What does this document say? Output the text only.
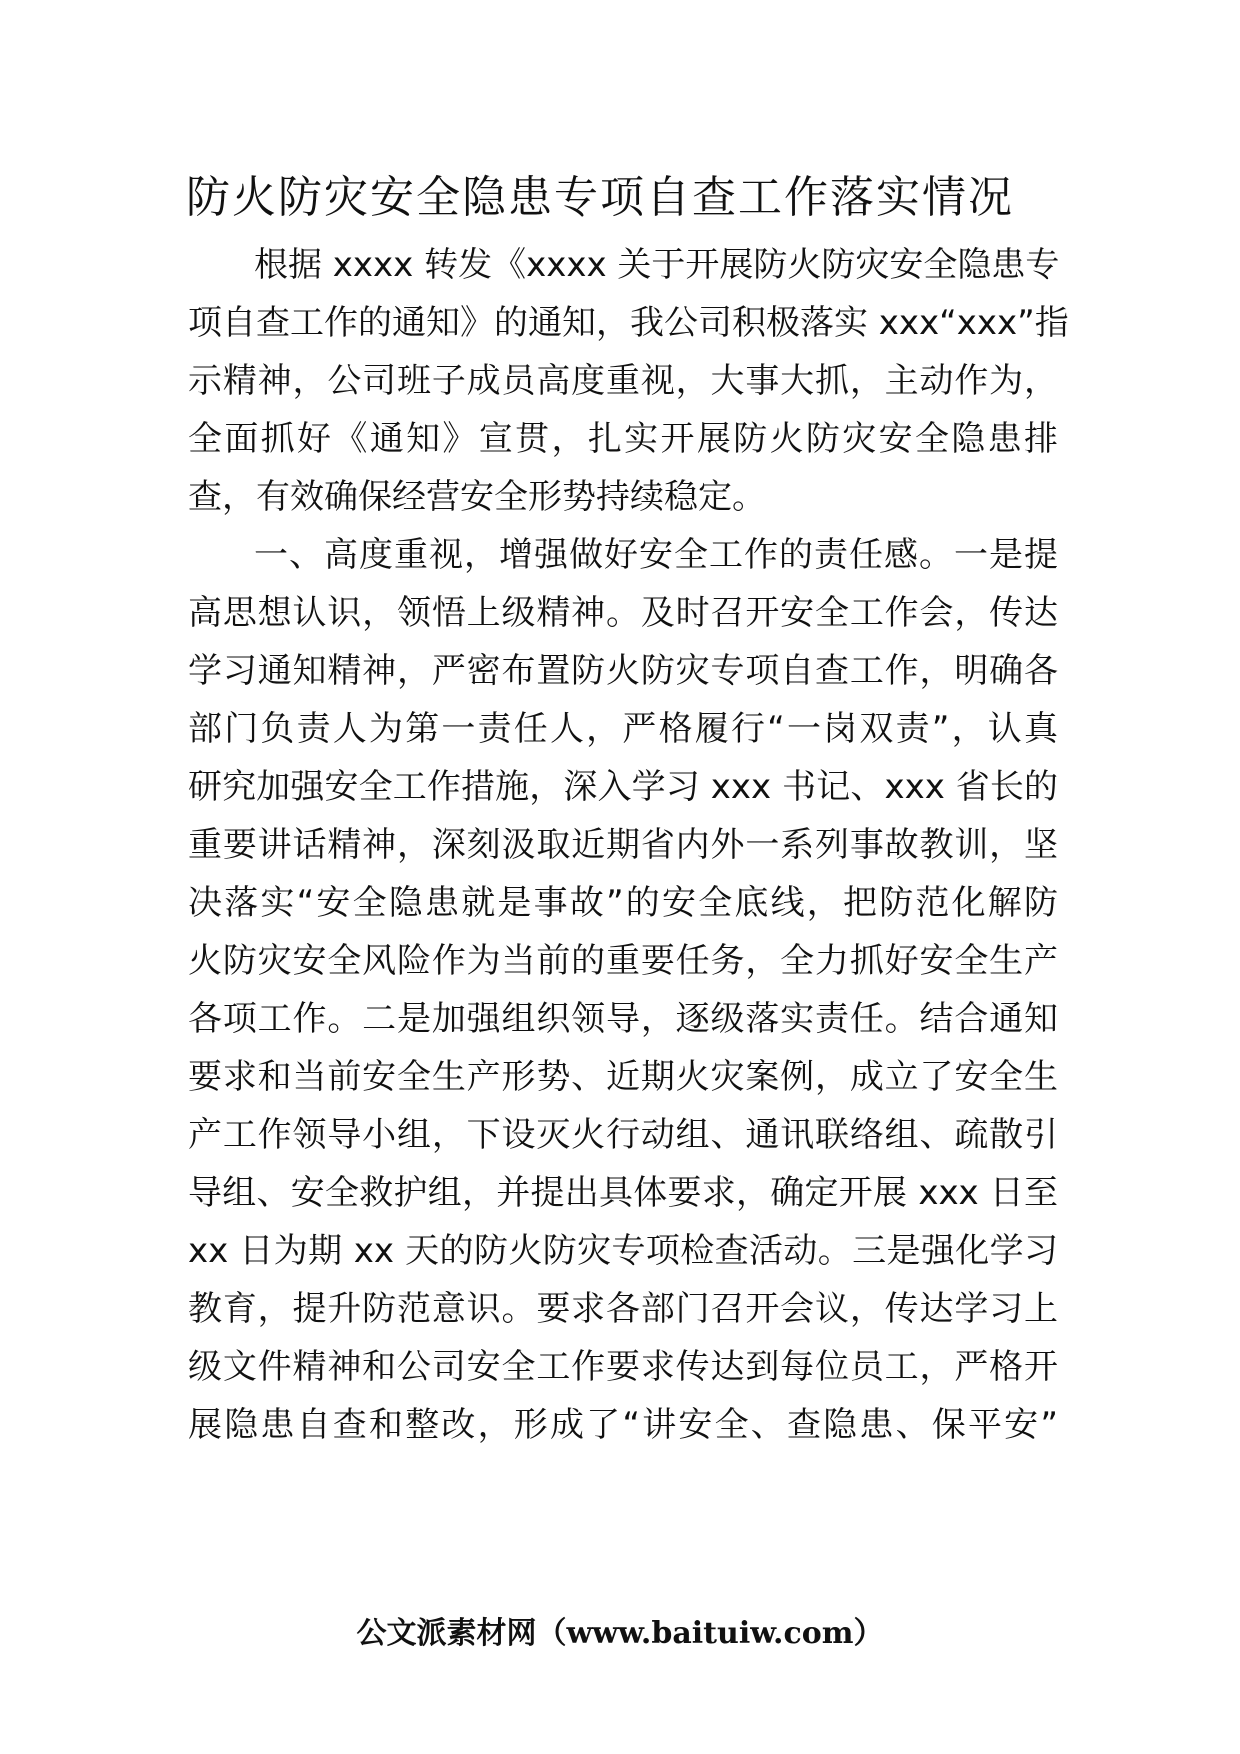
防火防灾安全隐患专项自查工作落实情况
根据 xxxx 转发《xxxx 关于开展防火防灾安全隐患专
项自查工作的通知》的通知，我公司积极落实 xxx“xxx”指
示精神，公司班子成员高度重视，大事大抓，主动作为，
全面抓好《通知》宣贯，扎实开展防火防灾安全隐患排
查，有效确保经营安全形势持续稳定。
一、高度重视，增强做好安全工作的责任感。一是提
高思想认识，领悟上级精神。及时召开安全工作会，传达
学习通知精神，严密布置防火防灾专项自查工作，明确各
部门负责人为第一责任人，严格履行“一岗双责”，认真
研究加强安全工作措施，深入学习 xxx 书记、xxx 省长的
重要讲话精神，深刻汲取近期省内外一系列事故教训，坚
决落实“安全隐患就是事故”的安全底线，把防范化解防
火防灾安全风险作为当前的重要任务，全力抓好安全生产
各项工作。二是加强组织领导，逐级落实责任。结合通知
要求和当前安全生产形势、近期火灾案例，成立了安全生
产工作领导小组，下设灭火行动组、通讯联络组、疏散引
导组、安全救护组，并提出具体要求，确定开展 xxx 日至
xx 日为期 xx 天的防火防灾专项检查活动。三是强化学习
教育，提升防范意识。要求各部门召开会议，传达学习上
级文件精神和公司安全工作要求传达到每位员工，严格开
展隐患自查和整改，形成了“讲安全、查隐患、保平安”
公文派素材网（www.baituiw.com）
